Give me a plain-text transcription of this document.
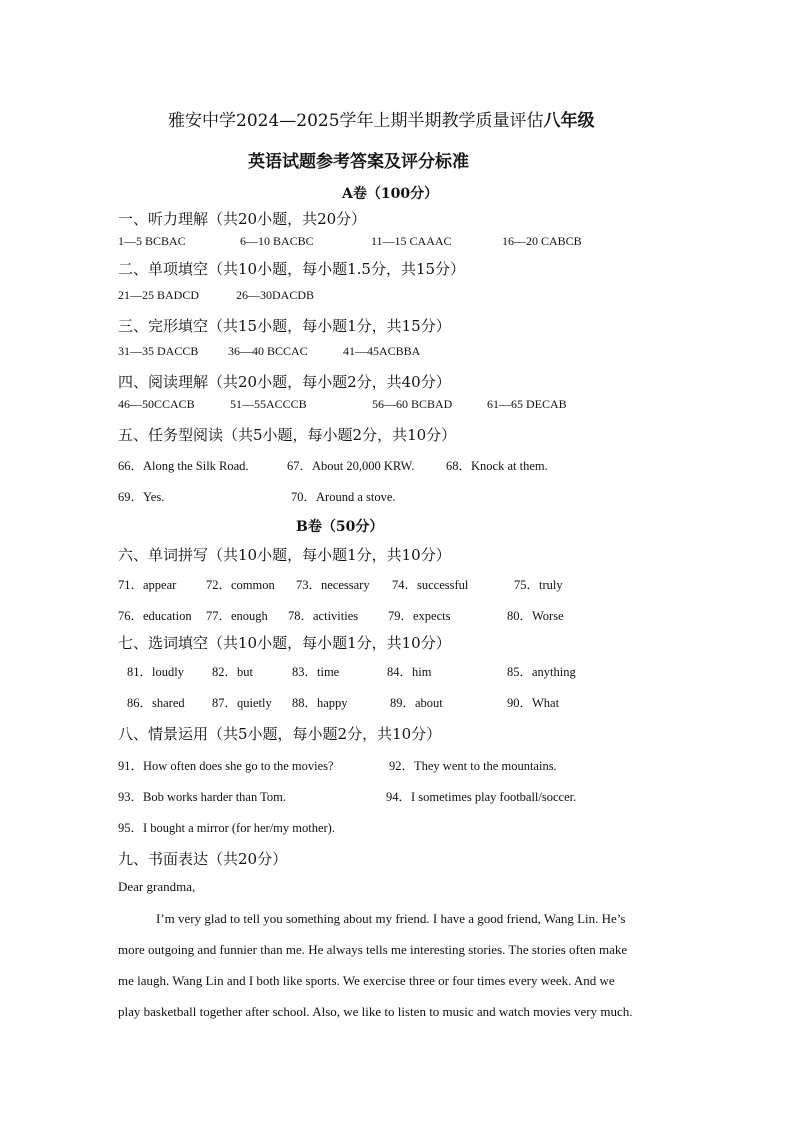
雅安中学2024—2025学年上期半期教学质量评估八年级
英语试题参考答案及评分标准
A卷（100分）
一、听力理解（共20小题，共20分）
1—5 BCBAC	6—10 BACBC	11—15 CAAAC	16—20 CABCB
二、单项填空（共10小题，每小题1.5分，共15分）
21—25 BADCD	26—30DACDB
三、完形填空（共15小题，每小题1分，共15分）
31—35 DACCB 36—40 BCCAC	41—45ACBBA
四、阅读理解（共20小题，每小题2分，共40分）
46—50CCACB	51—55ACCCB	56—60 BCBAD	61—65 DECAB
五、任务型阅读（共5小题，每小题2分，共10分）
66．Along the Silk Road.	67．About 20,000 KRW.	68．Knock at them.
69．Yes.	70．Around a stove.
B卷（50分）
六、单词拼写（共10小题，每小题1分，共10分）
71．appear 72．common 73．necessary 74．successful	75．truly
76．education 77．enough 78．activities 79．expects	80．Worse
七、选词填空（共10小题，每小题1分，共10分）
81．loudly 82．but	83．time	84．him	85．anything
86．shared 87．quietly 88．happy	89．about	90．What
八、情景运用（共5小题，每小题2分，共10分）
91．How often does she go to the movies?	92．They went to the mountains.
93．Bob works harder than Tom.	94．I sometimes play football/soccer.
95．I bought a mirror (for her/my mother).
九、书面表达（共20分）
Dear grandma,
I’m very glad to tell you something about my friend. I have a good friend, Wang Lin. He’s
more outgoing and funnier than me. He always tells me interesting stories. The stories often make
me laugh. Wang Lin and I both like sports. We exercise three or four times every week. And we
play basketball together after school. Also, we like to listen to music and watch movies very much.
